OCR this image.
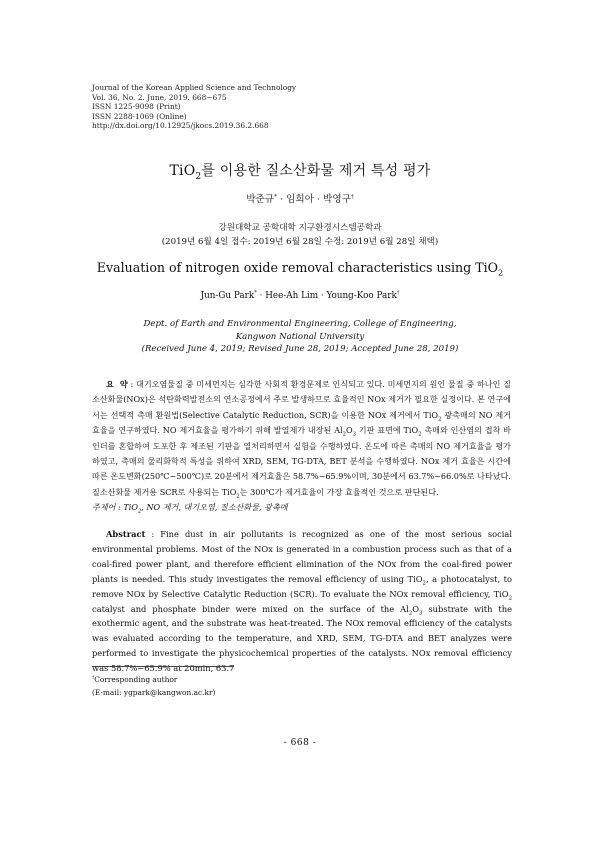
Journal of the Korean Applied Science and Technology
Vol. 36, No. 2. June, 2019. 668~675
ISSN 1225-9098 (Print)
ISSN 2288-1069 (Online)
http://dx.doi.org/10.12925/jkocs.2019.36.2.668
TiO$_2$를 이용한 질소산화물 제거 특성 평가
박준규* · 임희아 · 박영구†
강원대학교 공학대학 지구환경시스템공학과
(2019년 6월 4일 접수: 2019년 6월 28일 수정: 2019년 6월 28일 채택)
Evaluation of nitrogen oxide removal characteristics using TiO$_2$
Jun-Gu Park* · Hee-Ah Lim · Young-Koo Park†
Dept. of Earth and Environmental Engineering, College of Engineering,
Kangwon National University
(Received June 4, 2019; Revised June 28, 2019; Accepted June 28, 2019)
요  약 : 대기오염물질 중 미세먼지는 심각한 사회적 환경문제로 인식되고 있다. 미세먼지의 원인 물질 중 하나인 질소산화물(NOx)은 석탄화력발전소의 연소공정에서 주로 발생하므로 효율적인 NOx 제거가 필요한 실정이다. 본 연구에서는 선택적 촉매 환원법(Selective Catalytic Reduction, SCR)을 이용한 NOx 제거에서 TiO$_2$ 광촉매의 NO 제거효율을 연구하였다. NO 제거효율을 평가하기 위해 발열제가 내장된 $Al_2O_3$ 기판 표면에 TiO$_2$ 촉매와 인산염의 접착 바인더를 혼합하여 도포한 후 제조된 기판을 열처리하면서 실험을 수행하였다. 온도에 따른 촉매의 NO 제거효율을 평가하였고, 촉매의 물리화학적 특성을 위하여 XRD, SEM, TG-DTA, BET 분석을 수행하였다. NOx 제거 효율은 시간에 따른 온도변화(250℃~500℃)로 20분에서 제거효율은 58.7%~65.9%이며, 30분에서 63.7%~66.0%로 나타났다. 질소산화물 제거용 SCR로 사용되는 TiO$_2$는 300℃가 제거효율이 가장 효율적인 것으로 판단된다.
주제어 : TiO$_2$, NO 제거, 대기오염, 질소산화물, 광촉매
Abstract : Fine dust in air pollutants is recognized as one of the most serious social environmental problems. Most of the NOx is generated in a combustion process such as that of a coal-fired power plant, and therefore efficient elimination of the NOx from the coal-fired power plants is needed. This study investigates the removal efficiency of using TiO$_2$, a photocatalyst, to remove NOx by Selective Catalytic Reduction (SCR). To evaluate the NOx removal efficiency, TiO$_2$ catalyst and phosphate binder were mixed on the surface of the $Al_2O_3$ substrate with the exothermic agent, and the substrate was heat-treated. The NOx removal efficiency of the catalysts was evaluated according to the temperature, and XRD, SEM, TG-DTA and BET analyzes were performed to investigate the physicochemical properties of the catalysts. NOx removal efficiency was 58.7%~65.9% at 20min, 63.7
†Corresponding author
(E-mail: ygpark@kangwon.ac.kr)
- 668 -
